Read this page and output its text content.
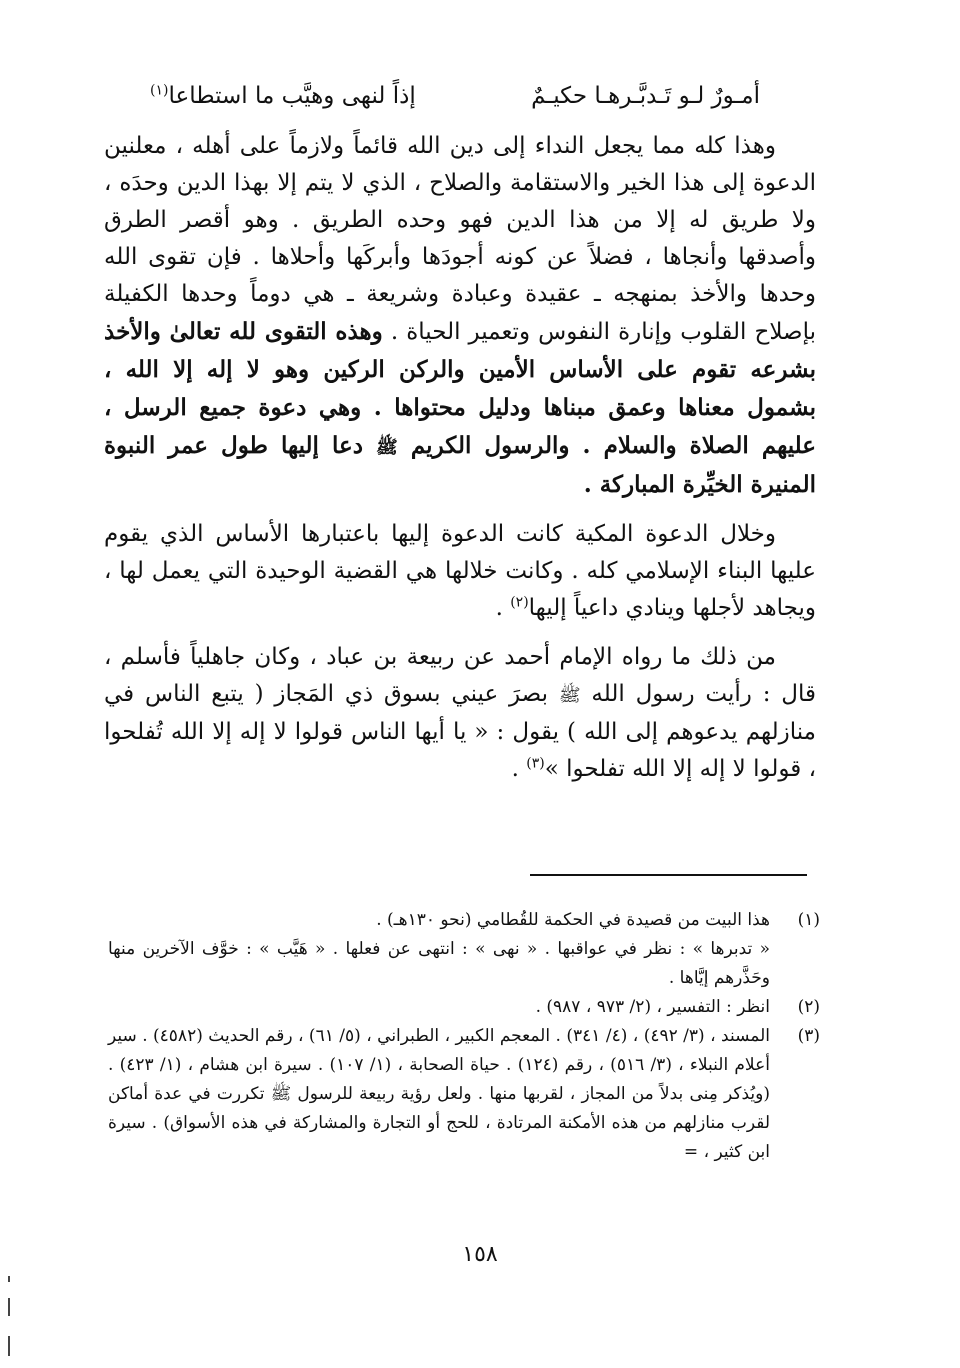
أمـورٌ لـو تَـدبَّـرهـا حكيـمٌ
إذاً لنهى وهيَّب ما استطاعا$^{(١)}$

وهذا كله مما يجعل النداء إلى دين الله قائماً ولازماً على أهله ، معلنين الدعوة إلى هذا الخير والاستقامة والصلاح ، الذي لا يتم إلا بهذا الدين وحدَه ، ولا طريق له إلا من هذا الدين فهو وحده الطريق . وهو أقصر الطرق وأصدقها وأنجاها ، فضلاً عن كونه أجودَها وأبركَها وأحلاها . فإن تقوى الله وحدها والأخذ بمنهجه ـ عقيدة وعبادة وشريعة ـ هي دوماً وحدها الكفيلة بإصلاح القلوب وإنارة النفوس وتعمير الحياة . وهذه التقوى لله تعالىٰ والأخذ بشرعه تقوم على الأساس الأمين والركن الركين وهو لا إله إلا الله ، بشمول معناها وعمق مبناها ودليل محتواها . وهي دعوة جميع الرسل ، عليهم الصلاة والسلام . والرسول الكريم ﷺ دعا إليها طول عمر النبوة المنيرة الخيِّرة المباركة .

وخلال الدعوة المكية كانت الدعوة إليها باعتبارها الأساس الذي يقوم عليها البناء الإسلامي كله . وكانت خلالها هي القضية الوحيدة التي يعمل لها ، ويجاهد لأجلها وينادي داعياً إليها$^{(٢)}$ .

من ذلك ما رواه الإمام أحمد عن ربيعة بن عباد ، وكان جاهلياً فأسلم ، قال : رأيت رسول الله ﷺ بصرَ عيني بسوق ذي المَجاز ( يتبع الناس في منازلهم يدعوهم إلى الله ) يقول : « يا أيها الناس قولوا لا إله إلا الله تُفلحوا ، قولوا لا إله إلا الله تفلحوا »$^{(٣)}$ .

(١)
هذا البيت من قصيدة في الحكمة للقُطامي (نحو ١٣٠هـ) .
« تدبرها » : نظر في عواقبها . « نهى » : انتهى عن فعلها . « هَيَّب » : خوَّف الآخرين منها وحَذَّرهم إيَّاها .
(٢)
انظر : التفسير ، (٢/ ٩٧٣ ، ٩٨٧) .
(٣)
المسند ، (٣/ ٤٩٢) ، (٤/ ٣٤١) . المعجم الكبير ، الطبراني ، (٥/ ٦١) ، رقم الحديث (٤٥٨٢) . سير أعلام النبلاء ، (٣/ ٥١٦) ، رقم (١٢٤) . حياة الصحابة ، (١/ ١٠٧) . سيرة ابن هشام ، (١/ ٤٢٣) . (ويُذكر مِنى بدلاً من المجاز ، لقربها منها . ولعل رؤية ربيعة للرسول ﷺ تكررت في عدة أماكن لقرب منازلهم من هذه الأمكنة المرتادة ، للحج أو التجارة والمشاركة في هذه الأسواق) . سيرة ابن كثير ، =
١٥٨
